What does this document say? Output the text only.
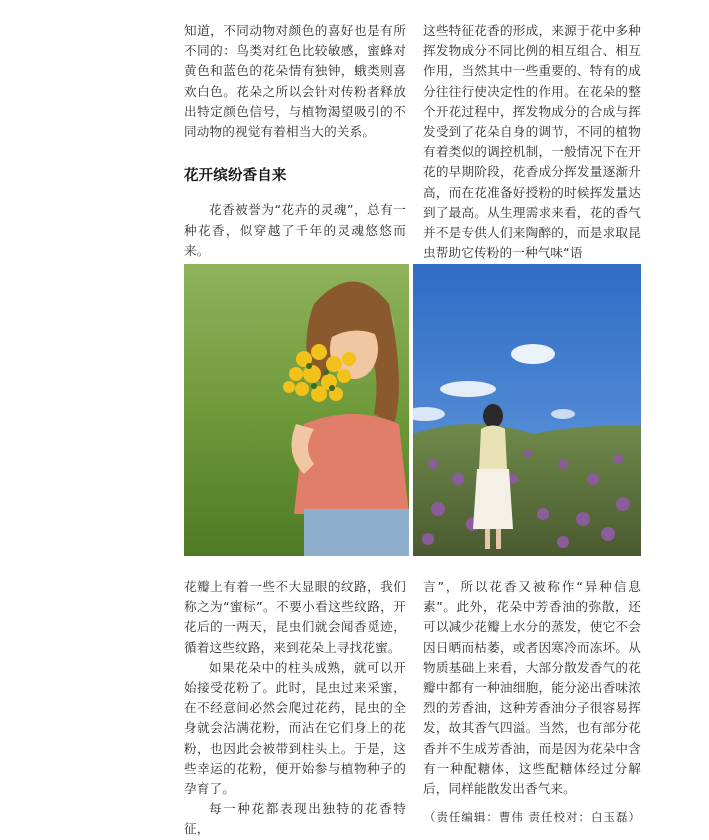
知道，不同动物对颜色的喜好也是有所不同的：鸟类对红色比较敏感，蜜蜂对黄色和蓝色的花朵情有独钟，蛾类则喜欢白色。花朵之所以会针对传粉者释放出特定颜色信号，与植物渴望吸引的不同动物的视觉有着相当大的关系。

花开缤纷香自来

花香被誉为“花卉的灵魂”，总有一种花香，似穿越了千年的灵魂悠悠而来。

这些特征花香的形成，来源于花中多种挥发物成分不同比例的相互组合、相互作用，当然其中一些重要的、特有的成分往往行使决定性的作用。在花朵的整个开花过程中，挥发物成分的合成与挥发受到了花朵自身的调节，不同的植物有着类似的调控机制，一般情况下在开花的早期阶段，花香成分挥发量逐渐升高，而在花准备好授粉的时候挥发量达到了最高。从生理需求来看，花的香气并不是专供人们来陶醉的，而是求取昆虫帮助它传粉的一种气味“语

花瓣上有着一些不大显眼的纹路，我们称之为“蜜标”。不要小看这些纹路，开花后的一两天，昆虫们就会闻香觅迹，循着这些纹路，来到花朵上寻找花蜜。

如果花朵中的柱头成熟，就可以开始接受花粉了。此时，昆虫过来采蜜，在不经意间必然会爬过花药，昆虫的全身就会沾满花粉，而沾在它们身上的花粉，也因此会被带到柱头上。于是，这些幸运的花粉，便开始参与植物种子的孕育了。

每一种花都表现出独特的花香特征，

言”，所以花香又被称作“异种信息素”。此外，花朵中芳香油的弥散，还可以减少花瓣上水分的蒸发，使它不会因日晒而枯萎，或者因寒冷而冻坏。从物质基础上来看，大部分散发香气的花瓣中都有一种油细胞，能分泌出香味浓烈的芳香油，这种芳香油分子很容易挥发，故其香气四溢。当然，也有部分花香并不生成芳香油，而是因为花朵中含有一种配糖体，这些配糖体经过分解后，同样能散发出香气来。

（责任编辑：曹伟 责任校对：白玉磊）
